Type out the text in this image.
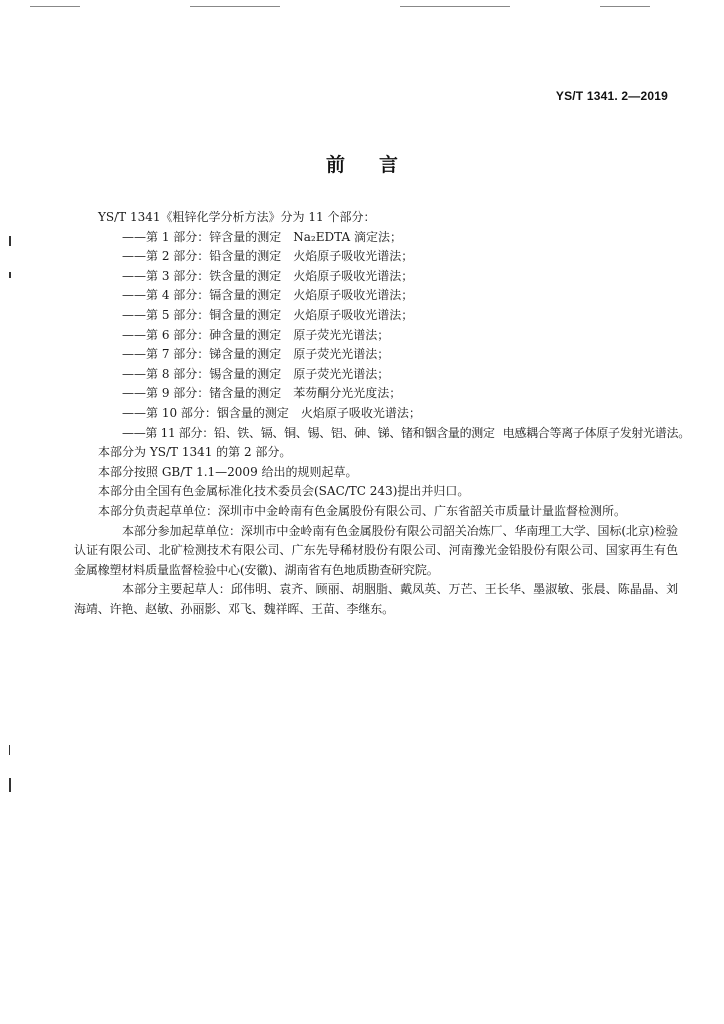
YS/T 1341. 2—2019
前言

YS/T 1341《粗锌化学分析方法》分为 11 个部分：

——第 1 部分：锌含量的测定 Na₂EDTA 滴定法；

——第 2 部分：铅含量的测定 火焰原子吸收光谱法；

——第 3 部分：铁含量的测定 火焰原子吸收光谱法；

——第 4 部分：镉含量的测定 火焰原子吸收光谱法；

——第 5 部分：铜含量的测定 火焰原子吸收光谱法；

——第 6 部分：砷含量的测定 原子荧光光谱法；

——第 7 部分：锑含量的测定 原子荧光光谱法；

——第 8 部分：锡含量的测定 原子荧光光谱法；

——第 9 部分：锗含量的测定 苯芴酮分光光度法；

——第 10 部分：铟含量的测定 火焰原子吸收光谱法；

——第 11 部分：铅、铁、镉、铜、锡、铝、砷、锑、锗和铟含量的测定 电感耦合等离子体原子发射光谱法。

本部分为 YS/T 1341 的第 2 部分。

本部分按照 GB/T 1.1—2009 给出的规则起草。

本部分由全国有色金属标准化技术委员会(SAC/TC 243)提出并归口。

本部分负责起草单位：深圳市中金岭南有色金属股份有限公司、广东省韶关市质量计量监督检测所。

本部分参加起草单位：深圳市中金岭南有色金属股份有限公司韶关冶炼厂、华南理工大学、国标(北京)检验认证有限公司、北矿检测技术有限公司、广东先导稀材股份有限公司、河南豫光金铅股份有限公司、国家再生有色金属橡塑材料质量监督检验中心(安徽)、湖南省有色地质勘查研究院。

本部分主要起草人：邱伟明、袁齐、顾丽、胡胭脂、戴凤英、万芒、王长华、墨淑敏、张晨、陈晶晶、刘海靖、许艳、赵敏、孙丽影、邓飞、魏祥晖、王苗、李继东。
